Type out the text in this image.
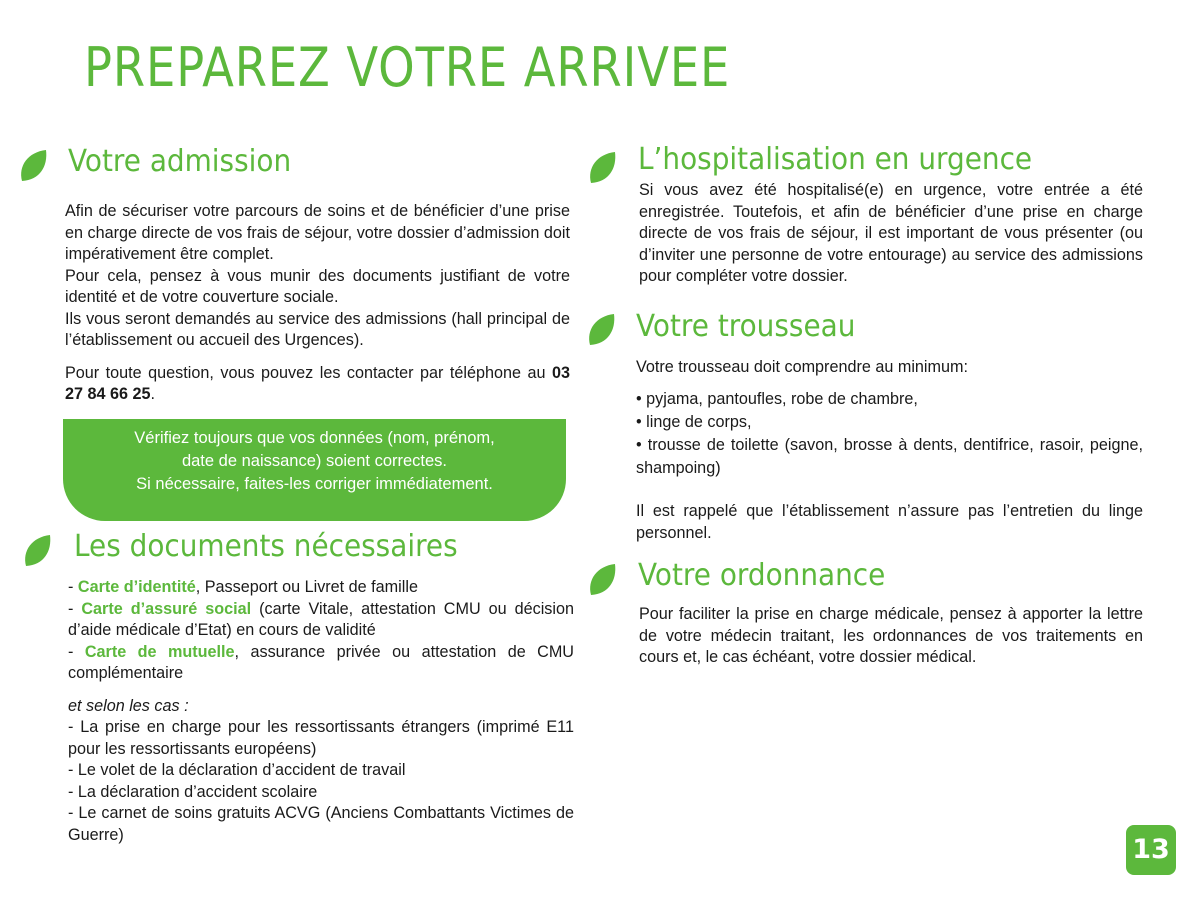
PREPAREZ VOTRE ARRIVEE
Votre admission

Afin de sécuriser votre parcours de soins et de bénéficier d’une prise en charge directe de vos frais de séjour, votre dossier d’admission doit impérativement être complet.

Pour cela, pensez à vous munir des documents justifiant de votre identité et de votre couverture sociale.

Ils vous seront demandés au service des admissions (hall principal de l’établissement ou accueil des Urgences).

Pour toute question, vous pouvez les contacter par téléphone au 03 27 84 66 25.

Vérifiez toujours que vos données (nom, prénom,

date de naissance) soient correctes.

Si nécessaire, faites-les corriger immédiatement.

Les documents nécessaires

- Carte d’identité, Passeport ou Livret de famille

- Carte d’assuré social (carte Vitale, attestation CMU ou décision d’aide médicale d’Etat) en cours de validité

- Carte de mutuelle, assurance privée ou attestation de CMU complémentaire

et selon les cas :

- La prise en charge pour les ressortissants étrangers (imprimé E11 pour les ressortissants européens)

- Le volet de la déclaration d’accident de travail

- La déclaration d’accident scolaire

- Le carnet de soins gratuits ACVG (Anciens Combattants Victimes de Guerre)

L’hospitalisation en urgence

Si vous avez été hospitalisé(e) en urgence, votre entrée a été enregistrée. Toutefois, et afin de bénéficier d’une prise en charge directe de vos frais de séjour, il est important de vous présenter (ou d’inviter une personne de votre entourage) au service des admissions pour compléter votre dossier.

Votre trousseau

Votre trousseau doit comprendre au minimum:

• pyjama, pantoufles, robe de chambre,

• linge de corps,

• trousse de toilette (savon, brosse à dents, dentifrice, rasoir, peigne, shampoing)

Il est rappelé que l’établissement n’assure pas l’entretien du linge personnel.

Votre ordonnance

Pour faciliter la prise en charge médicale, pensez à apporter la lettre de votre médecin traitant, les ordonnances de vos traitements en cours et, le cas échéant, votre dossier médical.

13
